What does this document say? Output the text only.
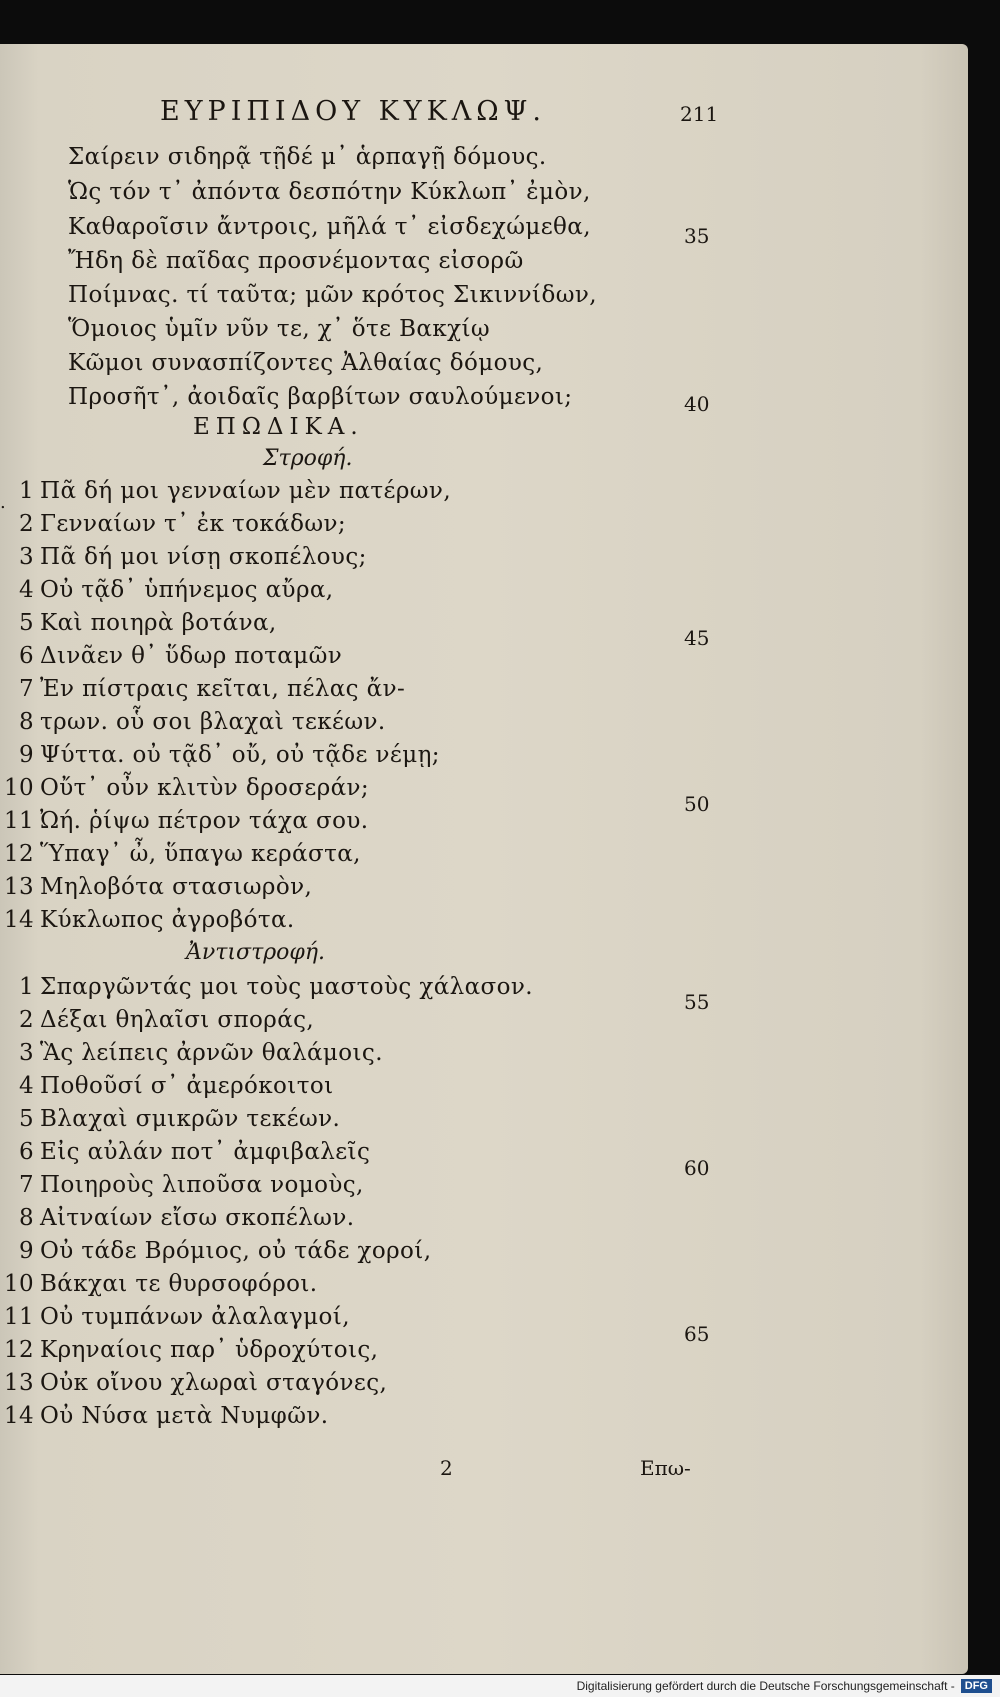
ΕΥΡΙΠΙΔΟΥ ΚΥΚΛΩΨ.	211
Σαίρειν σιδηρᾷ τῇδέ μ᾽ ἁρπαγῇ δόμους.
Ὡς τόν τ᾽ ἀπόντα δεσπότην Κύκλωπ᾽ ἐμὸν,
Καθαροῖσιν ἄντροις, μῆλά τ᾽ εἰσδεχώμεθα,
Ἤδη δὲ παῖδας προσνέμοντας εἰσορῶ
Ποίμνας. τί ταῦτα; μῶν κρότος Σικιννίδων,
Ὅμοιος ὑμῖν νῦν τε, χ᾽ ὅτε Βακχίῳ
Κῶμοι συνασπίζοντες Ἀλθαίας δόμους,
Προσῆτ᾽, ἀοιδαῖς βαρβίτων σαυλούμενοι;
ΕΠΩΔΙΚΑ.
Στροφή.
. 1 Πᾶ δή μοι γενναίων μὲν πατέρων,
2 Γενναίων τ᾽ ἐκ τοκάδων;
3 Πᾶ δή μοι νίσῃ σκοπέλους;
4 Οὐ τᾷδ᾽ ὑπήνεμος αὔρα,
5 Καὶ ποιηρὰ βοτάνα,
6 Δινᾶεν θ᾽ ὕδωρ ποταμῶν
7 Ἐν πίστραις κεῖται, πέλας ἄν-
8 τρων. οὗ σοι βλαχαὶ τεκέων.
9 Ψύττα. οὐ τᾷδ᾽ οὔ, οὐ τᾷδε νέμῃ;
10 Οὔτ᾽ οὖν κλιτὺν δροσεράν;
11 Ὠή. ῥίψω πέτρον τάχα σου.
12 Ὕπαγ᾽ ὦ, ὕπαγω κεράστα,
13 Μηλοβότα στασιωρὸν,
14 Κύκλωπος ἀγροβότα.
Ἀντιστροφή.
1 Σπαργῶντάς μοι τοὺς μαστοὺς χάλασον.
2 Δέξαι θηλαῖσι σποράς,
3 Ἃς λείπεις ἀρνῶν θαλάμοις.
4 Ποθοῦσί σ᾽ ἀμερόκοιτοι
5 Βλαχαὶ σμικρῶν τεκέων.
6 Εἰς αὐλάν ποτ᾽ ἀμφιβαλεῖς
7 Ποιηροὺς λιποῦσα νομοὺς,
8 Αἰτναίων εἴσω σκοπέλων.
9 Οὐ τάδε Βρόμιος, οὐ τάδε χοροί,
10 Βάκχαι τε θυρσοφόροι.
11 Οὐ τυμπάνων ἀλαλαγμοί,
12 Κρηναίοις παρ᾽ ὑδροχύτοις,
13 Οὐκ οἴνου χλωραὶ σταγόνες,
14 Οὐ Νύσα μετὰ Νυμφῶν.
35
40
45
50
55
60
65
2	Επω-
Digitalisierung gefördert durch die Deutsche Forschungsgemeinschaft - DFG
